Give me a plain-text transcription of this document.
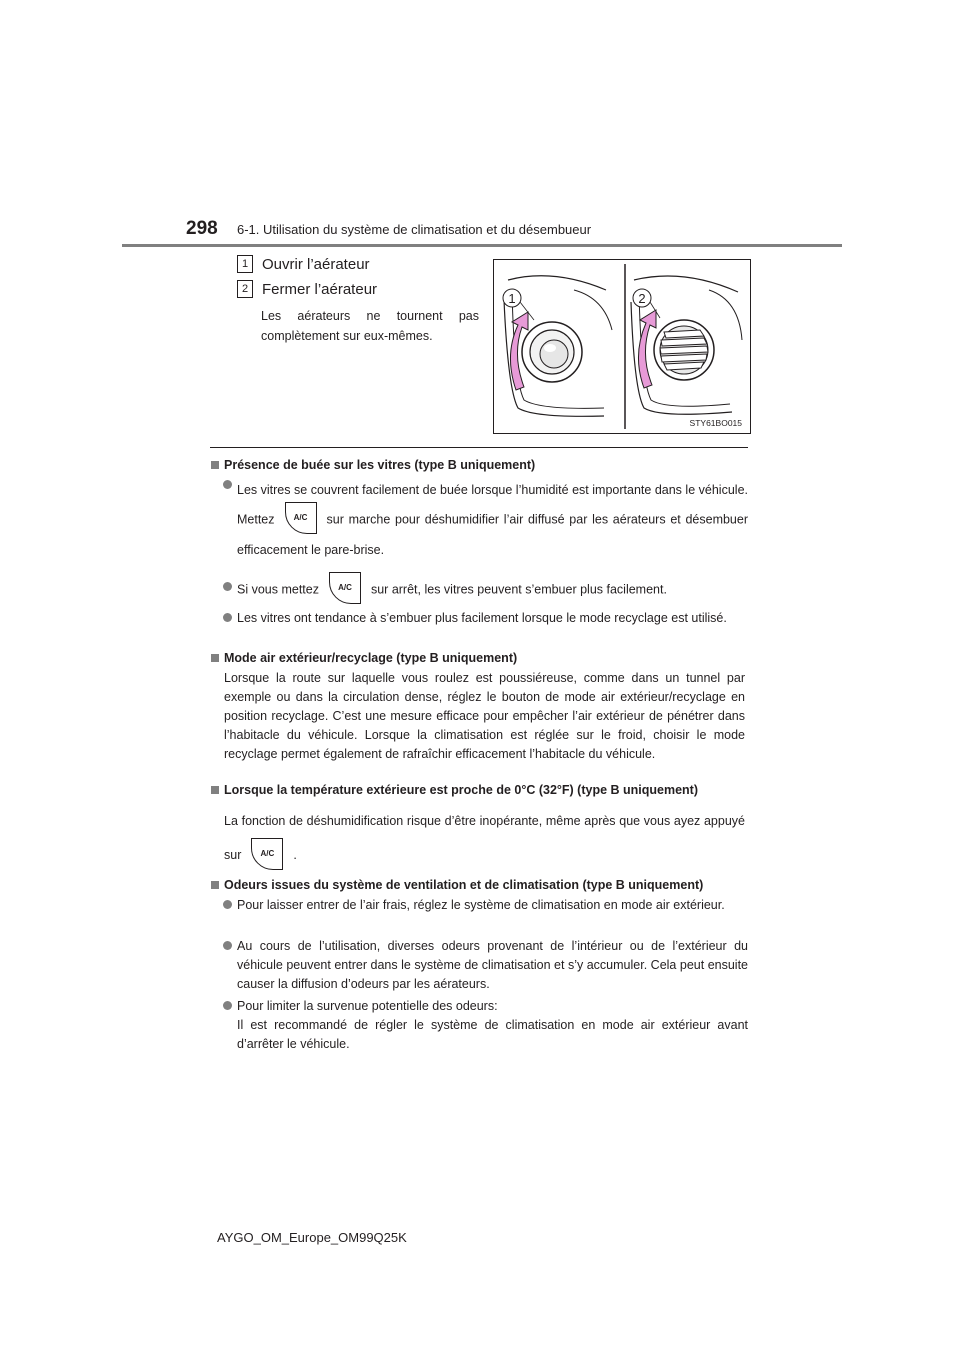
298 6-1. Utilisation du système de climatisation et du désembueur
1 Ouvrir l’aérateur
2 Fermer l’aérateur
Les aérateurs ne tournent pas complètement sur eux-mêmes.
1	2
STY61BO015
Présence de buée sur les vitres (type B uniquement)
Les vitres se couvrent facilement de buée lorsque l’humidité est importante dans le véhicule. Mettez A/C sur marche pour déshumidifier l’air diffusé par les aérateurs et désembuer efficacement le pare-brise.
Si vous mettez A/C sur arrêt, les vitres peuvent s’embuer plus facilement.
Les vitres ont tendance à s’embuer plus facilement lorsque le mode recyclage est utilisé.
Mode air extérieur/recyclage (type B uniquement)
Lorsque la route sur laquelle vous roulez est poussiéreuse, comme dans un tunnel par exemple ou dans la circulation dense, réglez le bouton de mode air extérieur/recyclage en position recyclage. C’est une mesure efficace pour empêcher l’air extérieur de pénétrer dans l’habitacle du véhicule. Lorsque la climatisation est réglée sur le froid, choisir le mode recyclage permet également de rafraîchir efficacement l’habitacle du véhicule.
Lorsque la température extérieure est proche de 0°C (32°F) (type B uniquement)
La fonction de déshumidification risque d’être inopérante, même après que vous ayez appuyé sur A/C .
Odeurs issues du système de ventilation et de climatisation (type B uniquement)
Pour laisser entrer de l’air frais, réglez le système de climatisation en mode air extérieur.
Au cours de l’utilisation, diverses odeurs provenant de l’intérieur ou de l’extérieur du véhicule peuvent entrer dans le système de climatisation et s’y accumuler. Cela peut ensuite causer la diffusion d’odeurs par les aérateurs.
Pour limiter la survenue potentielle des odeurs:
Il est recommandé de régler le système de climatisation en mode air extérieur avant d’arrêter le véhicule.
AYGO_OM_Europe_OM99Q25K
